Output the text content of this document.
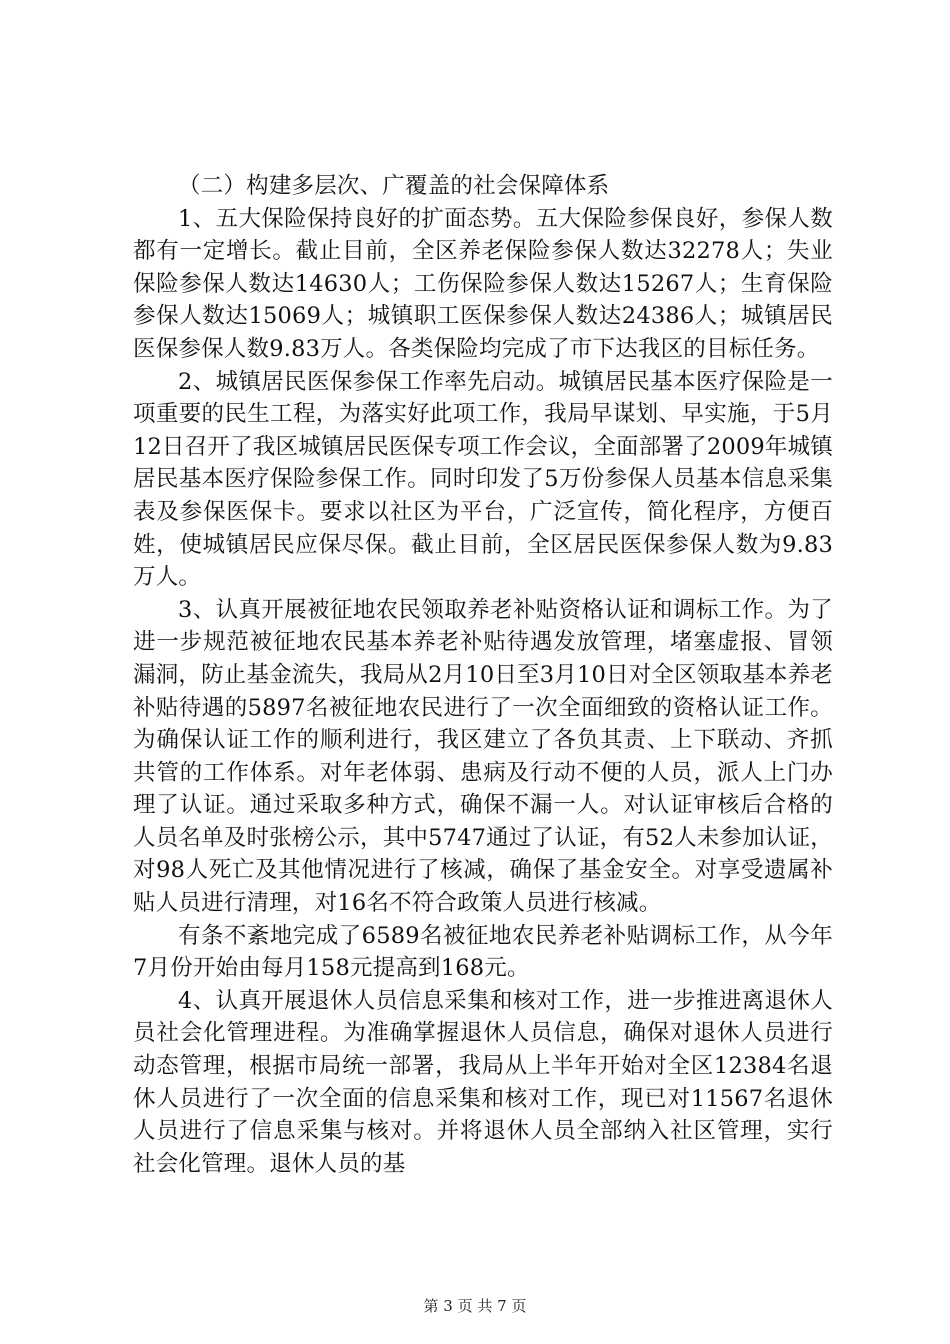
（二）构建多层次、广覆盖的社会保障体系

1、五大保险保持良好的扩面态势。五大保险参保良好，参保人数都有一定增长。截止目前，全区养老保险参保人数达32278人；失业保险参保人数达14630人；工伤保险参保人数达15267人；生育保险参保人数达15069人；城镇职工医保参保人数达24386人；城镇居民医保参保人数9.83万人。各类保险均完成了市下达我区的目标任务。

2、城镇居民医保参保工作率先启动。城镇居民基本医疗保险是一项重要的民生工程，为落实好此项工作，我局早谋划、早实施，于5月12日召开了我区城镇居民医保专项工作会议，全面部署了2009年城镇居民基本医疗保险参保工作。同时印发了5万份参保人员基本信息采集表及参保医保卡。要求以社区为平台，广泛宣传，简化程序，方便百姓，使城镇居民应保尽保。截止目前，全区居民医保参保人数为9.83万人。

3、认真开展被征地农民领取养老补贴资格认证和调标工作。为了进一步规范被征地农民基本养老补贴待遇发放管理，堵塞虚报、冒领漏洞，防止基金流失，我局从2月10日至3月10日对全区领取基本养老补贴待遇的5897名被征地农民进行了一次全面细致的资格认证工作。为确保认证工作的顺利进行，我区建立了各负其责、上下联动、齐抓共管的工作体系。对年老体弱、患病及行动不便的人员，派人上门办理了认证。通过采取多种方式，确保不漏一人。对认证审核后合格的人员名单及时张榜公示，其中5747通过了认证，有52人未参加认证，对98人死亡及其他情况进行了核减，确保了基金安全。对享受遗属补贴人员进行清理，对16名不符合政策人员进行核减。

有条不紊地完成了6589名被征地农民养老补贴调标工作，从今年7月份开始由每月158元提高到168元。

4、认真开展退休人员信息采集和核对工作，进一步推进离退休人员社会化管理进程。为准确掌握退休人员信息，确保对退休人员进行动态管理，根据市局统一部署，我局从上半年开始对全区12384名退休人员进行了一次全面的信息采集和核对工作，现已对11567名退休人员进行了信息采集与核对。并将退休人员全部纳入社区管理，实行社会化管理。退休人员的基

第 3 页 共 7 页
